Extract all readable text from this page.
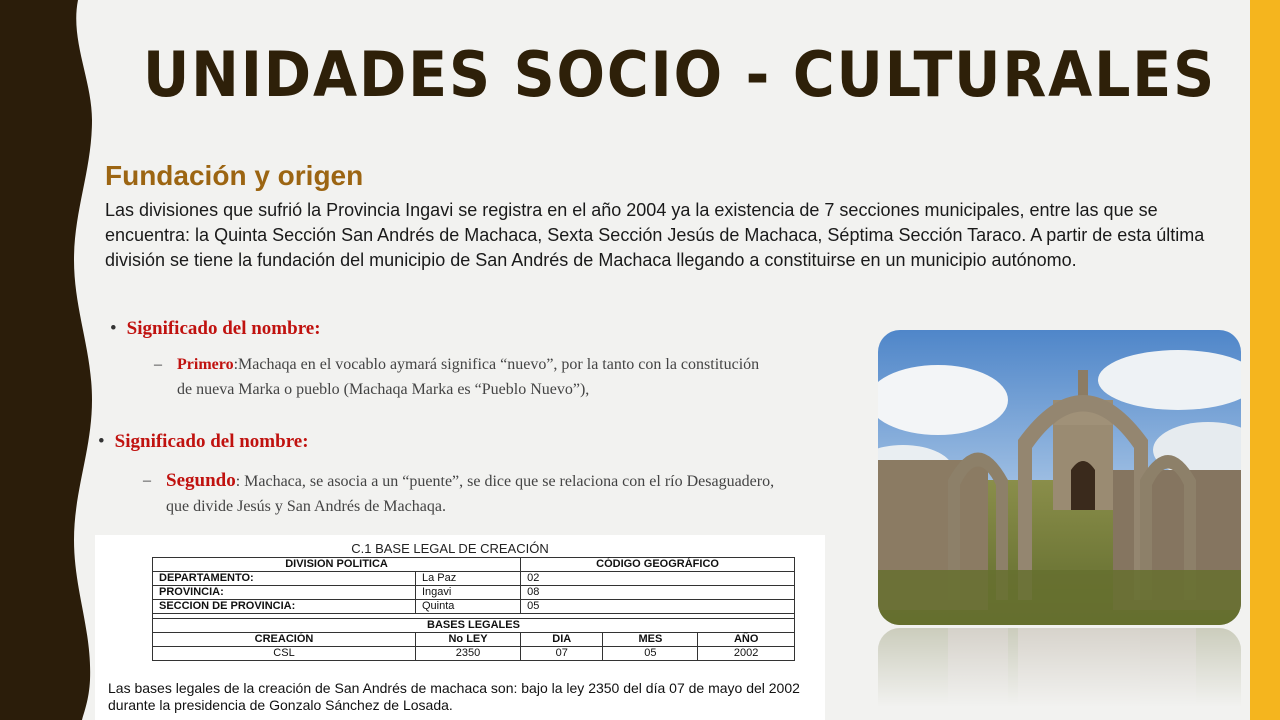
UNIDADES SOCIO - CULTURALES
Fundación y origen

Las divisiones que sufrió la Provincia Ingavi se registra en el año 2004 ya la existencia de 7 secciones municipales, entre las que se encuentra: la Quinta Sección San Andrés de Machaca, Sexta Sección Jesús de Machaca, Séptima Sección Taraco. A partir de esta última división se tiene la fundación del municipio de San Andrés de Machaca llegando a constituirse en un municipio autónomo.

• Significado del nombre:
– Primero:Machaqa en el vocablo aymará significa “nuevo”, por la tanto con la constitución de nueva Marka o pueblo (Machaqa Marka es “Pueblo Nuevo”),
• Significado del nombre:
– Segundo: Machaca, se asocia a un “puente”, se dice que se relaciona con el río Desaguadero, que divide Jesús y San Andrés de Machaqa.
C.1 BASE LEGAL DE CREACIÓN
DIVISION POLITICA		CÓDIGO GEOGRÁFICO		
DEPARTAMENTO:	La Paz	02		
PROVINCIA:	Ingavi	08		
SECCION DE PROVINCIA:	Quinta	05		

BASES LEGALES				
CREACIÓN	No LEY	DIA	MES	AÑO
CSL	2350	07	05	2002
Las bases legales de la creación de San Andrés de machaca son: bajo la ley 2350 del día 07 de mayo del 2002 durante la presidencia de Gonzalo Sánchez de Losada.
